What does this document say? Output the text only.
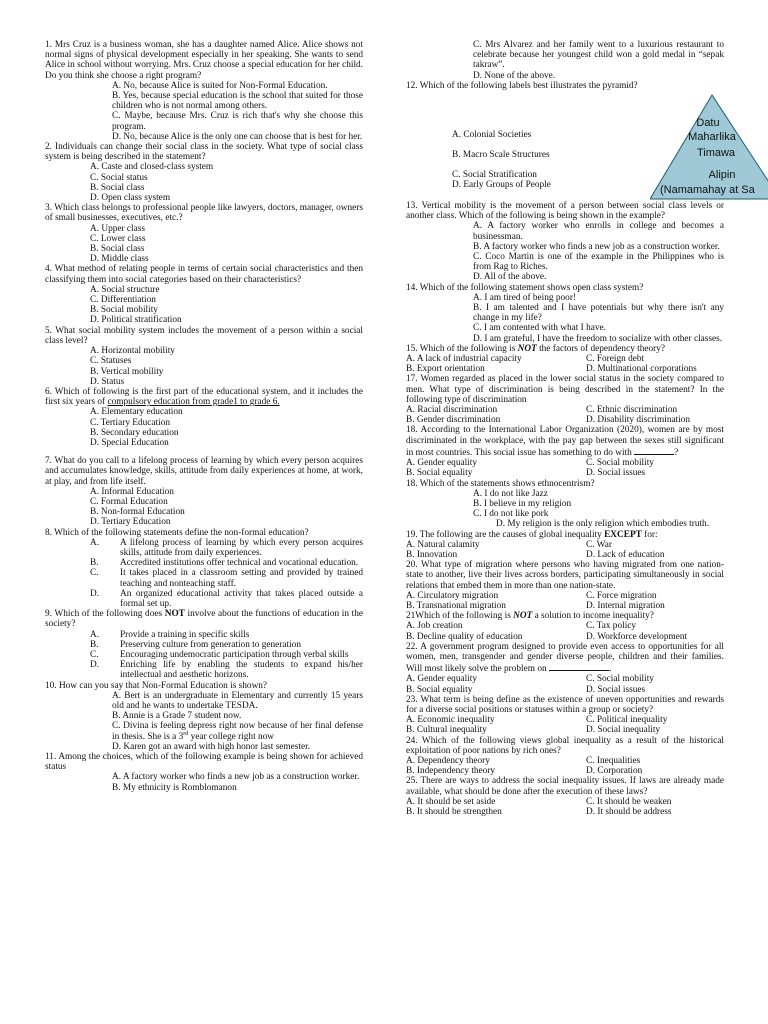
1. Mrs Cruz is a business woman, she has a daughter named Alice. Alice shows not normal signs of physical development especially in her speaking. She wants to send Alice in school without worrying. Mrs. Cruz choose a special education for her child. Do you think she choose a right program?

A. No, because Alice is suited for Non-Formal Education.

B. Yes, because special education is the school that suited for those children who is not normal among others.

C. Maybe, because Mrs. Cruz is rich that's why she choose this program.

D. No, because Alice is the only one can choose that is best for her.

2. Individuals can change their social class in the society. What type of social class system is being described in the statement?

A. Caste and closed-class system

C. Social status

B. Social class

D. Open class system

3. Which class belongs to professional people like lawyers, doctors, manager, owners of small businesses, executives, etc.?

A. Upper class

C. Lower class

B. Social class

D. Middle class

4. What method of relating people in terms of certain social characteristics and then classifying them into social categories based on their characteristics?

A. Social structure

C. Differentiation

B. Social mobility

D. Political stratification

5. What social mobility system includes the movement of a person within a social class level?

A. Horizontal mobility

C. Statuses

B. Vertical mobility

D. Status

6. Which of following is the first part of the educational system, and it includes the first six years of compulsory education from grade1 to grade 6.

A. Elementary education

C. Tertiary Education

B. Secondary education

D. Special Education

7. What do you call to a lifelong process of learning by which every person acquires and accumulates knowledge, skills, attitude from daily experiences at home, at work, at play, and from life itself.

A. Informal Education

C. Formal Education

B. Non-formal Education

D. Tertiary Education

8. Which of the following statements define the non-formal education?

A.	A lifelong process of learning by which every person acquires skills, attitude from daily experiences.
B.	Accredited institutions offer technical and vocational education.
C.	It takes placed in a classroom setting and provided by trained teaching and nonteaching staff.
D.	An organized educational activity that takes placed outside a formal set up.

9. Which of the following does NOT involve about the functions of education in the society?

A.	Provide a training in specific skills
B.	Preserving culture from generation to generation
C.	Encouraging undemocratic participation through verbal skills
D.	Enriching life by enabling the students to expand his/her intellectual and aesthetic horizons.

10. How can you say that Non-Formal Education is shown?

A. Bert is an undergraduate in Elementary and currently 15 years old and he wants to undertake TESDA.

B. Annie is a Grade 7 student now.

C. Divina is feeling depress right now because of her final defense in thesis. She is a 3rd year college right now

D. Karen got an award with high honor last semester.

11. Among the choices, which of the following example is being shown for achieved status

A. A factory worker who finds a new job as a construction worker.

B. My ethnicity is Romblomanon

C. Mrs Alvarez and her family went to a luxurious restaurant to celebrate because her youngest child won a gold medal in “sepak takraw”.

D. None of the above.

12. Which of the following labels best illustrates the pyramid?

13. Vertical mobility is the movement of a person between social class levels or another class. Which of the following is being shown in the example?

A. A factory worker who enrolls in college and becomes a businessman.

B. A factory worker who finds a new job as a construction worker.

C. Coco Martin is one of the example in the Philippines who is from Rag to Riches.

D. All of the above.

14. Which of the following statement shows open class system?

A. I am tired of being poor!

B. I am talented and I have potentials but why there isn't any change in my life?

C. I am contented with what I have.

D. I am grateful, I have the freedom to socialize with other classes.

15. Which of the following is NOT the factors of dependency theory?

A. A lack of industrial capacity	C. Foreign debt
B. Export orientation	D. Multinational corporations

17. Women regarded as placed in the lower social status in the society compared to men. What type of discrimination is being described in the statement? In the following type of discrimination

A. Racial discrimination	C. Ethnic discrimination
B. Gender discrimination	D. Disability discrimination

18. According to the International Labor Organization (2020), women are by most discriminated in the workplace, with the pay gap between the sexes still significant in most countries. This social issue has something to do with	?

A. Gender equality	C. Social mobility
B. Social equality	D. Social issues

18. Which of the statements shows ethnocentrism?

A. I do not like Jazz

B. I believe in my religion

C. I do not like pork

D. My religion is the only religion which embodies truth.

19. The following are the causes of global inequality EXCEPT for:

A. Natural calamity	C. War
B. Innovation	D. Lack of education

20. What type of migration where persons who having migrated from one nation-state to another, live their lives across borders, participating simultaneously in social relations that embed them in more than one nation-state.

A. Circulatory migration	C. Force migration
B. Transnational migration	D. Internal migration

21Which of the following is NOT a solution to income inequality?

A. Job creation	C. Tax policy
B. Decline quality of education	D. Workforce development

22. A government program designed to provide even access to opportunities for all women, men, transgender and gender diverse people, children and their families. Will most likely solve the problem on	.

A. Gender equality	C. Social mobility
B. Social equality	D. Social issues

23. What term is being define as the existence of uneven opportunities and rewards for a diverse social positions or statuses within a group or society?

A. Economic inequality	C. Political inequality
B. Cultural inequality	D. Social inequality

24. Which of the following views global inequality as a result of the historical exploitation of poor nations by rich ones?

A. Dependency theory	C. Inequalities
B. Independency theory	D. Corporation

25. There are ways to address the social inequality issues. If laws are already made available, what should be done after the execution of these laws?

A. It should be set aside	C. It should be weaken
B. It should be strengthen	D. It should be address
A. Colonial Societies
B. Macro Scale Structures
C. Social Stratification
D. Early Groups of People
Datu
Maharlika
Timawa
Alipin
(Namamahay at Sa
